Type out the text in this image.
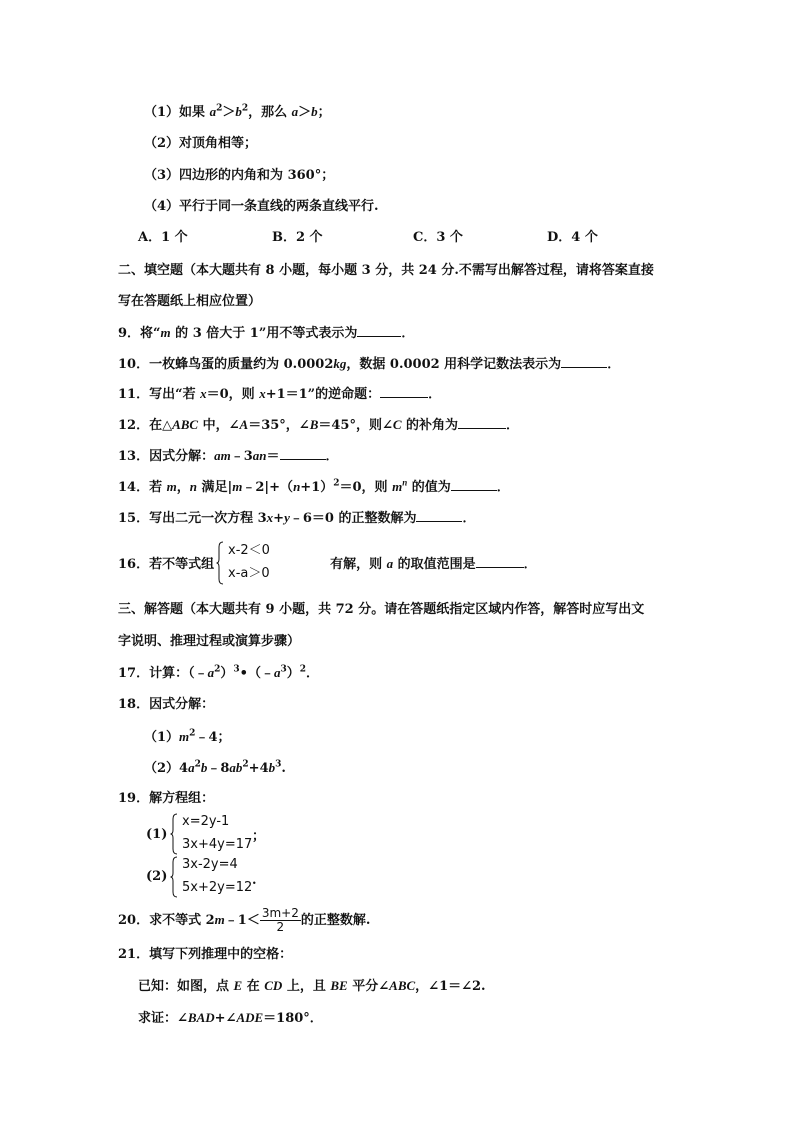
（1）如果 $a^2>b^2$，那么 a＞b；
（2）对顶角相等；
（3）四边形的内角和为 360°；
（4）平行于同一条直线的两条直线平行.
A．1 个	B．2 个	C．3 个	D．4 个
二、填空题（本大题共有 8 小题，每小题 3 分，共 24 分.不需写出解答过程，请将答案直接
写在答题纸上相应位置）
9．将“m 的 3 倍大于 1”用不等式表示为	．
10．一枚蜂鸟蛋的质量约为 0.0002kg，数据 0.0002 用科学记数法表示为	．
11．写出“若 x＝0，则 x+1＝1”的逆命题：	．
12．在△ABC 中，∠A＝35°，∠B＝45°，则∠C 的补角为	．
13．因式分解：am﹣3an＝	．
14．若 m，n 满足$|m﹣2|+(n+1)^2=0$，则 $m^n$ 的值为	．
15．写出二元一次方程 3x+y﹣6＝0 的正整数解为	．
16．若不等式组	有解，则 a 的取值范围是	．
x-2＜0
x-a＞0
三、解答题（本大题共有 9 小题，共 72 分。请在答题纸指定区域内作答，解答时应写出文
字说明、推理过程或演算步骤）
17．计算：$(﹣a^2)^3•(﹣a^3)^2$．
18．因式分解：
$(1)m^2﹣4$；
$(2)4a^2b﹣8ab^2+4b^3$.
19．解方程组：
(1)
x=2y-1
3x+4y=17
；
(2)
3x-2y=4
5x+2y=12 .
20．求不等式 2m﹣1＜ $\frac{3m+2}{2}$ 的正整数解.
21．填写下列推理中的空格：
已知：如图，点 E 在 CD 上，且 BE 平分∠ABC，∠1＝∠2.
求证：∠BAD+∠ADE＝180°．
